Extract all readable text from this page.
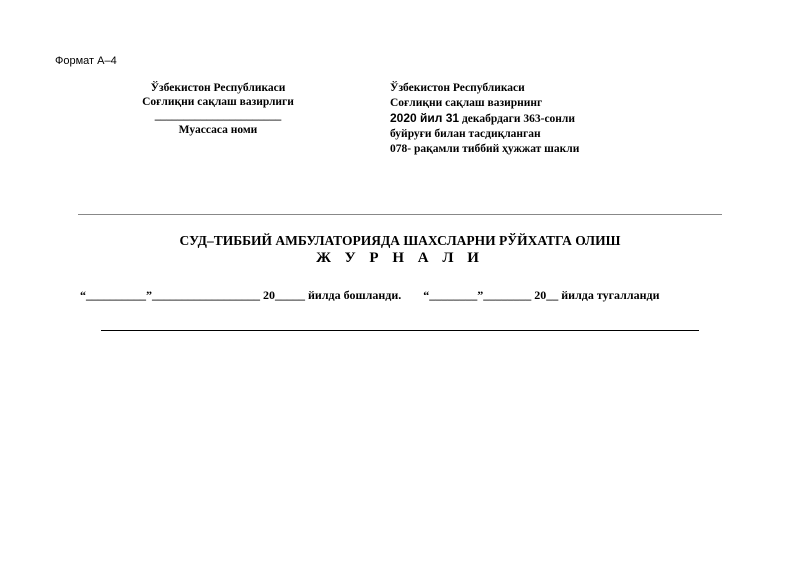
Формат А–4
Ўзбекистон Республикаси
Соғлиқни сақлаш вазирлиги
______________________
Муассаса номи
Ўзбекистон Республикаси
Соғлиқни сақлаш вазирнинг
2020 йил 31 декабрдаги 363-сонли
буйруғи билан тасдиқланган
078- рақамли тиббий ҳужжат шакли
СУД–ТИББИЙ АМБУЛАТОРИЯДА ШАХСЛАРНИ РЎЙХАТГА ОЛИШ
Ж У Р Н А Л И
“__________”__________________ 20_____ йилда бошланди. “________”________ 20__ йилда тугалланди
